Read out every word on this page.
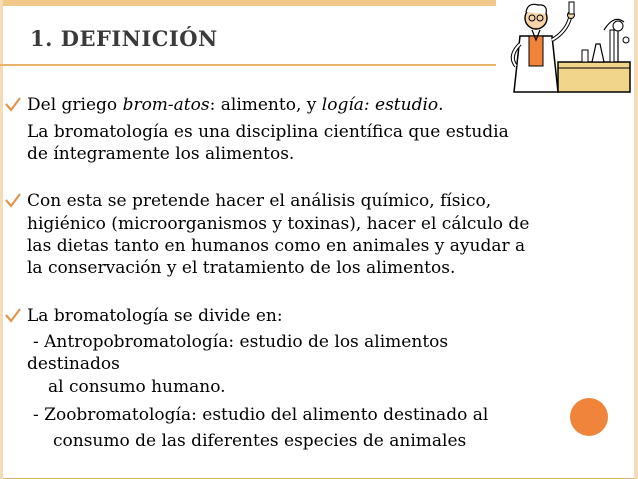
1. DEFINICIÓN
Del griego brom-atos: alimento, y logía: estudio.
La bromatología es una disciplina científica que estudia
de íntegramente los alimentos.
Con esta se pretende hacer el análisis químico, físico,
higiénico (microorganismos y toxinas), hacer el cálculo de
las dietas tanto en humanos como en animales y ayudar a
la conservación y el tratamiento de los alimentos.
La bromatología se divide en:
- Antropobromatología: estudio de los alimentos
destinados
al consumo humano.
- Zoobromatología: estudio del alimento destinado al
consumo de las diferentes especies de animales
